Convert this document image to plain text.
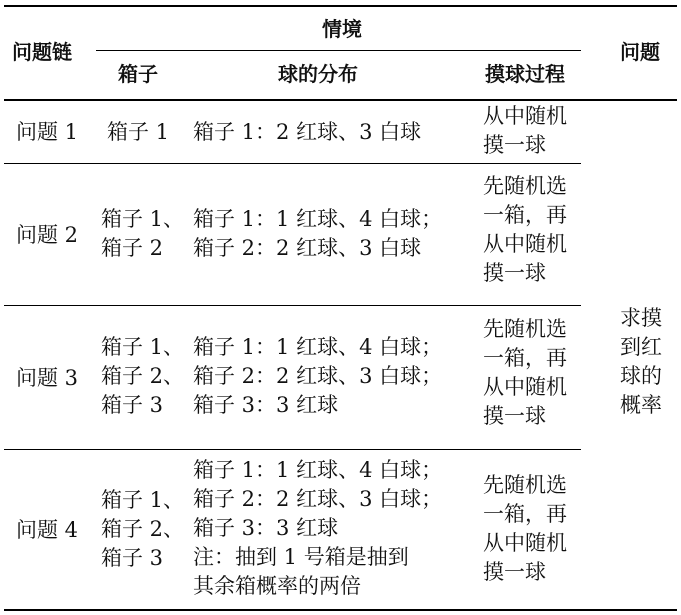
问题链
情境
箱子	球的分布	摸球过程
问题
求摸
到红
球的
概率
问题 1 箱子 1 箱子 1：2 红球、3 白球
从中随机
摸一球
问题 2
箱子 1、
箱子 2
箱子 1：1 红球、4 白球；
箱子 2：2 红球、3 白球
先随机选
一箱，再
从中随机
摸一球
问题 3
箱子 1、
箱子 2、
箱子 3
箱子 1：1 红球、4 白球；
箱子 2：2 红球、3 白球；
箱子 3：3 红球
先随机选
一箱，再
从中随机
摸一球
问题 4
箱子 1、
箱子 2、
箱子 3
箱子 1：1 红球、4 白球；
箱子 2：2 红球、3 白球；
箱子 3：3 红球
注：抽到 1 号箱是抽到
其余箱概率的两倍
先随机选
一箱，再
从中随机
摸一球
